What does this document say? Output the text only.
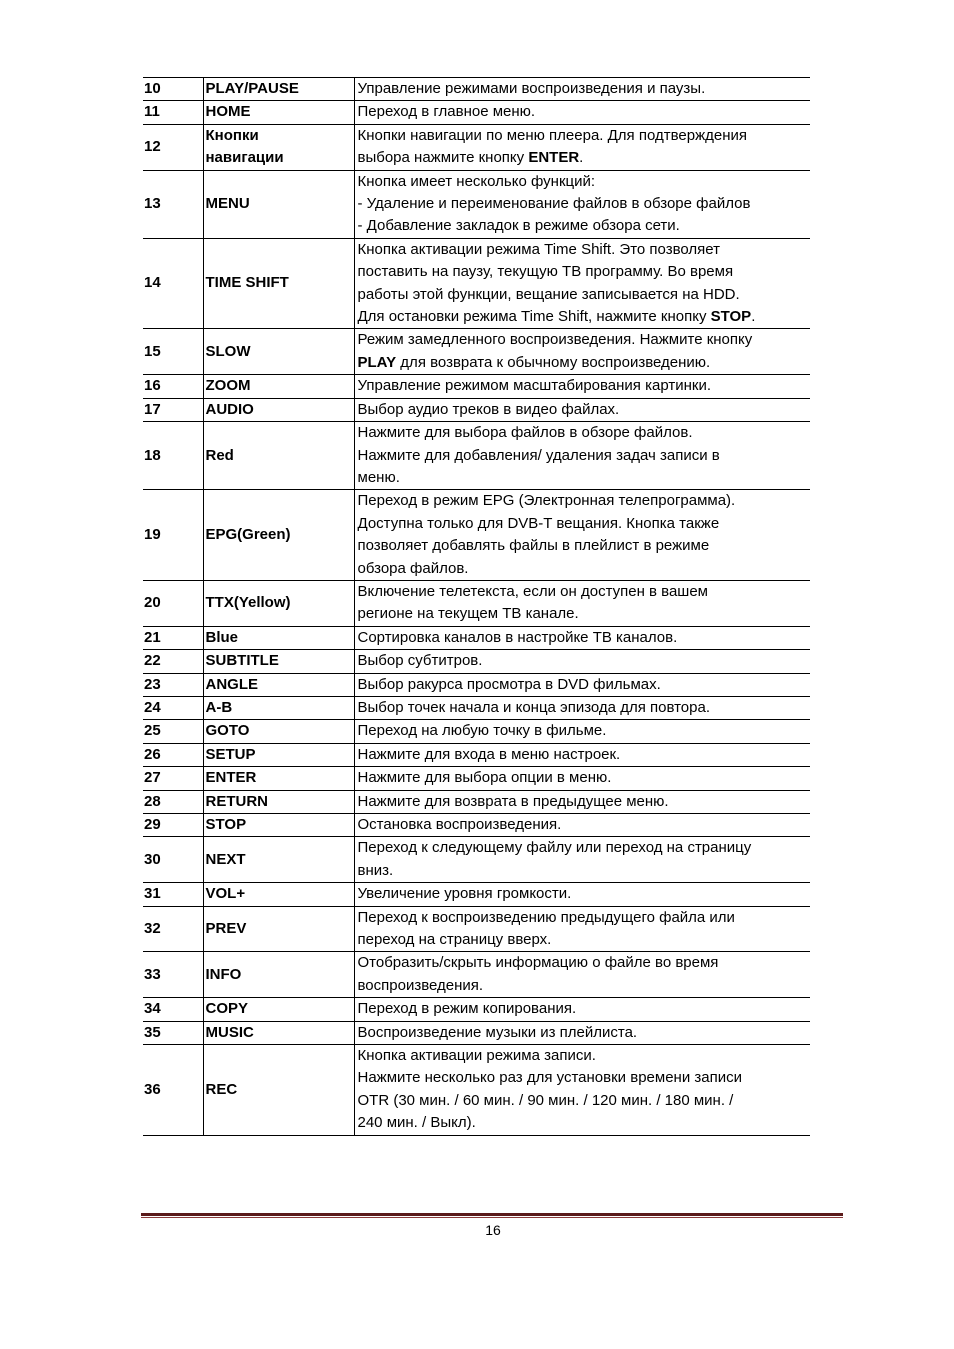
10	PLAY/PAUSE	Управление режимами воспроизведения и паузы.

11	HOME	Переход в главное меню.

12	Кнопки
навигации	Кнопки навигации по меню плеера. Для подтверждения
выбора нажмите кнопку ENTER.

13	MENU	Кнопка имеет несколько функций:
- Удаление и переименование файлов в обзоре файлов
- Добавление закладок в режиме обзора сети.

14	TIME SHIFT	Кнопка активации режима Time Shift. Это позволяет
поставить на паузу, текущую ТВ программу. Во время
работы этой функции, вещание записывается на HDD.
Для остановки режима Time Shift, нажмите кнопку STOP.

15	SLOW	Режим замедленного воспроизведения. Нажмите кнопку
PLAY для возврата к обычному воспроизведению.

16	ZOOM	Управление режимом масштабирования картинки.

17	AUDIO	Выбор аудио треков в видео файлах.

18	Red	Нажмите для выбора файлов в обзоре файлов.
Нажмите для добавления/ удаления задач записи в
меню.

19	EPG(Green)	Переход в режим EPG (Электронная телепрограмма).
Доступна только для DVB-T вещания. Кнопка также
позволяет добавлять файлы в плейлист в режиме
обзора файлов.

20	TTX(Yellow)	Включение телетекста, если он доступен в вашем
регионе на текущем ТВ канале.

21	Blue	Сортировка каналов в настройке ТВ каналов.

22	SUBTITLE	Выбор субтитров.

23	ANGLE	Выбор ракурса просмотра в DVD фильмах.

24	A-B	Выбор точек начала и конца эпизода для повтора.

25	GOTO	Переход на любую точку в фильме.

26	SETUP	Нажмите для входа в меню настроек.

27	ENTER	Нажмите для выбора опции в меню.

28	RETURN	Нажмите для возврата в предыдущее меню.

29	STOP	Остановка воспроизведения.

30	NEXT	Переход к следующему файлу или переход на страницу
вниз.

31	VOL+	Увеличение уровня громкости.

32	PREV	Переход к воспроизведению предыдущего файла или
переход на страницу вверх.

33	INFO	Отобразить/скрыть информацию о файле во время
воспроизведения.

34	COPY	Переход в режим копирования.

35	MUSIC	Воспроизведение музыки из плейлиста.

36	REC	Кнопка активации режима записи.
Нажмите несколько раз для установки времени записи
OTR (30 мин. / 60 мин. / 90 мин. / 120 мин. / 180 мин. /
240 мин. / Выкл).
16
